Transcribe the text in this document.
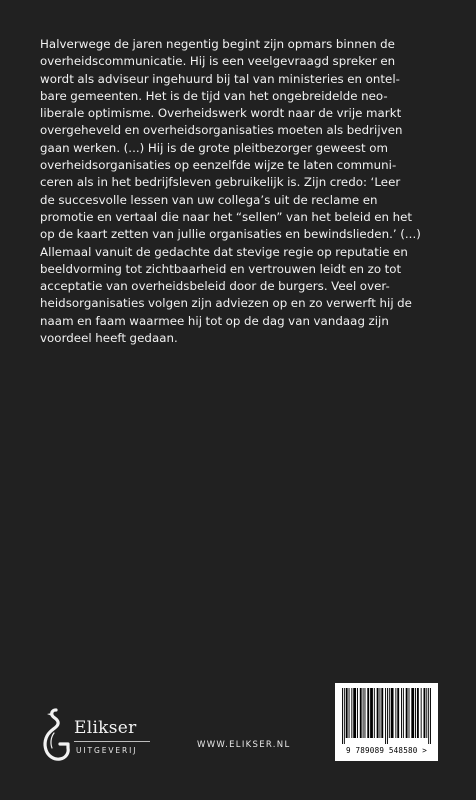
Halverwege de jaren negentig begint zijn opmars binnen de
overheidscommunicatie. Hij is een veelgevraagd spreker en
wordt als adviseur ingehuurd bij tal van ministeries en ontel-
bare gemeenten. Het is de tijd van het ongebreidelde neo-
liberale optimisme. Overheidswerk wordt naar de vrije markt
overgeheveld en overheidsorganisaties moeten als bedrijven
gaan werken. (...) Hij is de grote pleitbezorger geweest om
overheidsorganisaties op eenzelfde wijze te laten communi-
ceren als in het bedrijfsleven gebruikelijk is. Zijn credo: ‘Leer
de succesvolle lessen van uw collega’s uit de reclame en
promotie en vertaal die naar het “sellen” van het beleid en het
op de kaart zetten van jullie organisaties en bewindslieden.’ (...)
Allemaal vanuit de gedachte dat stevige regie op reputatie en
beeldvorming tot zichtbaarheid en vertrouwen leidt en zo tot
acceptatie van overheidsbeleid door de burgers. Veel over-
heidsorganisaties volgen zijn adviezen op en zo verwerft hij de
naam en faam waarmee hij tot op de dag van vandaag zijn
voordeel heeft gedaan.
Elikser
UITGEVERIJ
WWW.ELIKSER.NL
9 789089 548580 >
